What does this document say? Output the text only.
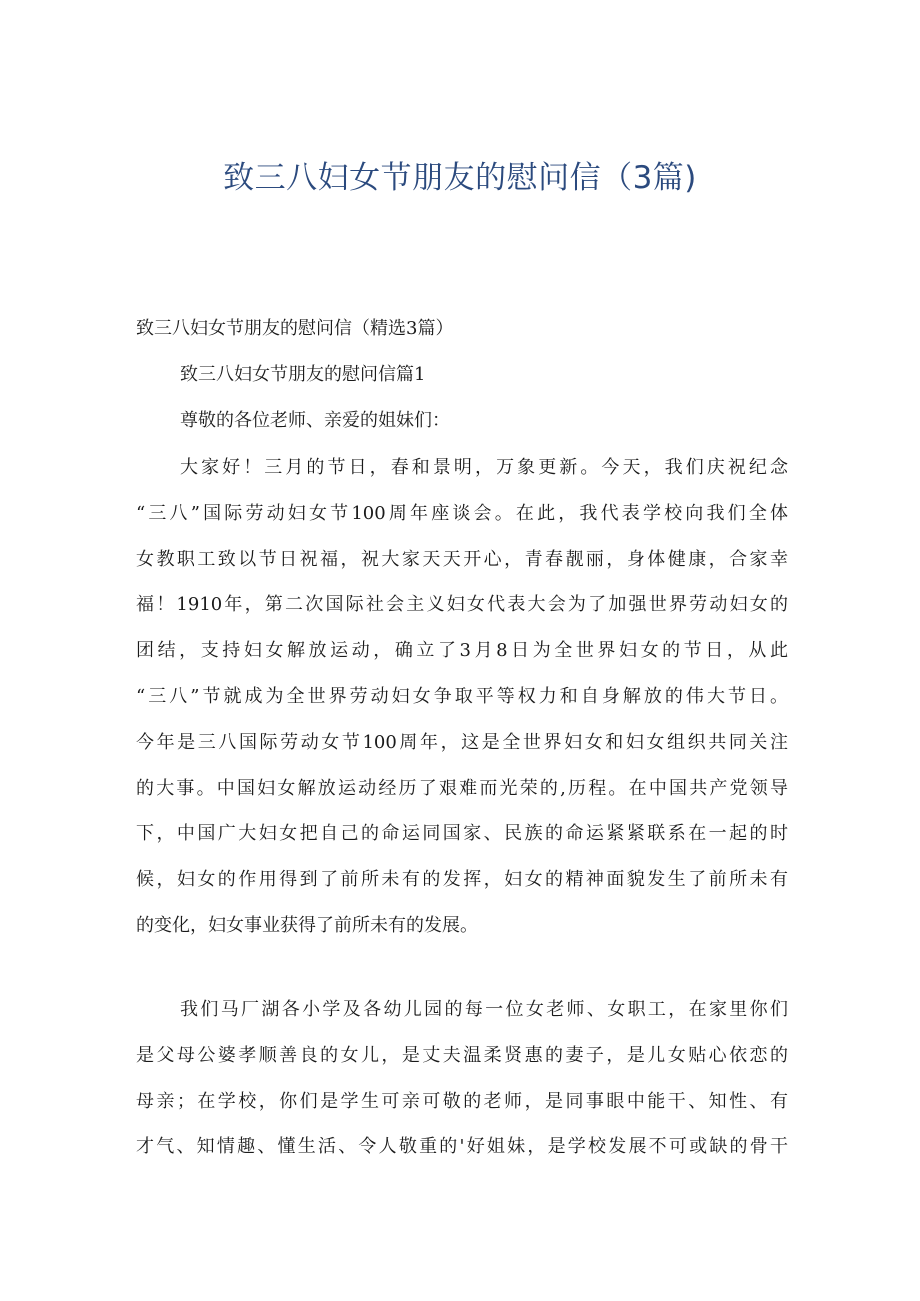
致三八妇女节朋友的慰问信（3篇)

致三八妇女节朋友的慰问信（精选3篇）

致三八妇女节朋友的慰问信篇1

尊敬的各位老师、亲爱的姐妹们：

大家好！三月的节日，春和景明，万象更新。今天，我们庆祝纪念
“三八”国际劳动妇女节100周年座谈会。在此，我代表学校向我们全体
女教职工致以节日祝福，祝大家天天开心，青春靓丽，身体健康，合家幸
福！1910年，第二次国际社会主义妇女代表大会为了加强世界劳动妇女的
团结，支持妇女解放运动，确立了3月8日为全世界妇女的节日，从此
“三八”节就成为全世界劳动妇女争取平等权力和自身解放的伟大节日。
今年是三八国际劳动女节100周年，这是全世界妇女和妇女组织共同关注
的大事。中国妇女解放运动经历了艰难而光荣的,历程。在中国共产党领导
下，中国广大妇女把自己的命运同国家、民族的命运紧紧联系在一起的时
候，妇女的作用得到了前所未有的发挥，妇女的精神面貌发生了前所未有
的变化，妇女事业获得了前所未有的发展。
我们马厂湖各小学及各幼儿园的每一位女老师、女职工，在家里你们
是父母公婆孝顺善良的女儿，是丈夫温柔贤惠的妻子，是儿女贴心依恋的
母亲；在学校，你们是学生可亲可敬的老师，是同事眼中能干、知性、有
才气、知情趣、懂生活、令人敬重的'好姐妹，是学校发展不可或缺的骨干
